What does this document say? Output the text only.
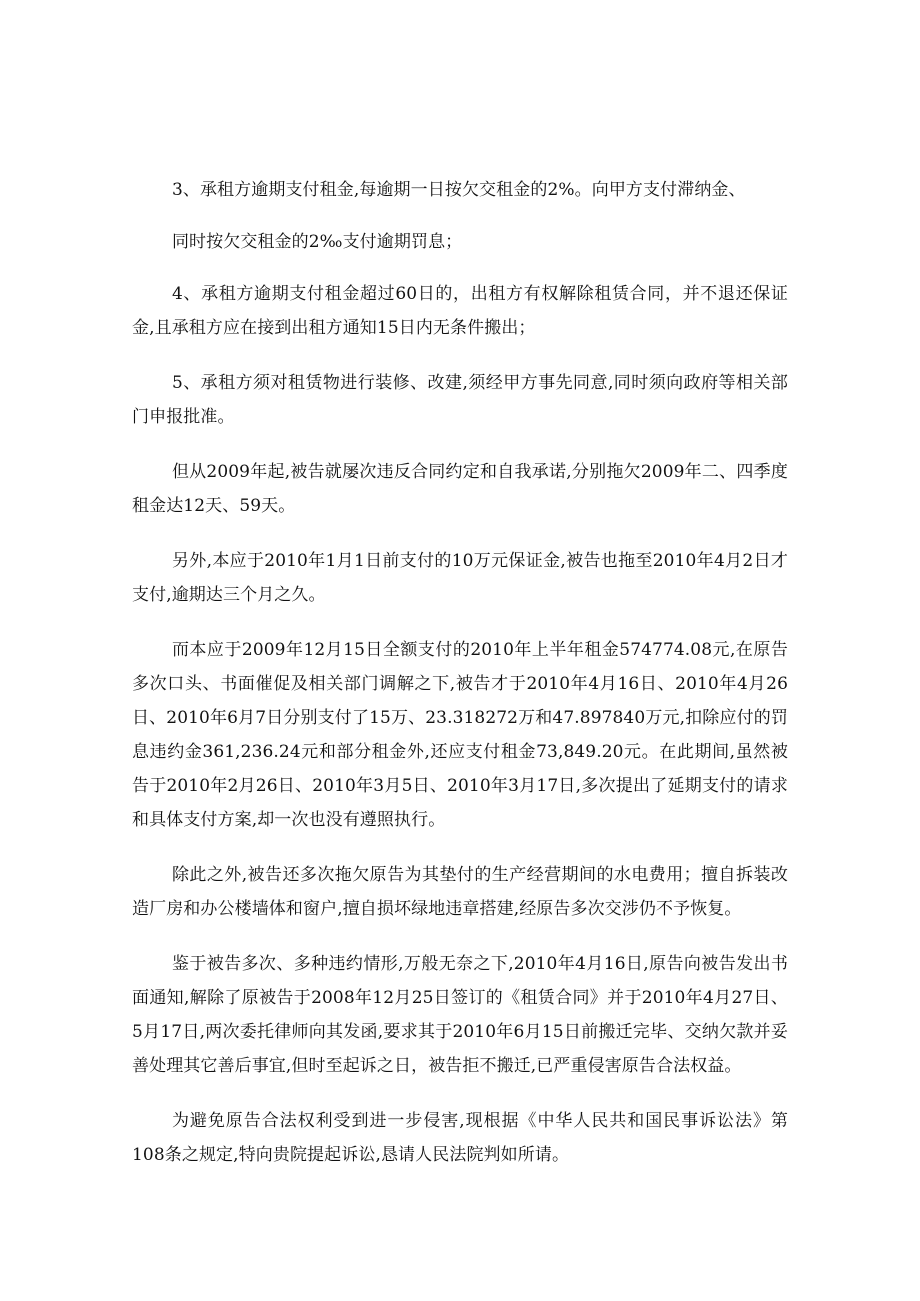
3、承租方逾期支付租金,每逾期一日按欠交租金的2%。向甲方支付滞纳金、

同时按欠交租金的2‰支付逾期罚息；

4、承租方逾期支付租金超过60日的，出租方有权解除租赁合同，并不退还保证金,且承租方应在接到出租方通知15日内无条件搬出；

5、承租方须对租赁物进行装修、改建,须经甲方事先同意,同时须向政府等相关部门申报批准。

但从2009年起,被告就屡次违反合同约定和自我承诺,分别拖欠2009年二、四季度租金达12天、59天。

另外,本应于2010年1月1日前支付的10万元保证金,被告也拖至2010年4月2日才支付,逾期达三个月之久。

而本应于2009年12月15日全额支付的2010年上半年租金574774.08元,在原告多次口头、书面催促及相关部门调解之下,被告才于2010年4月16日、2010年4月26日、2010年6月7日分别支付了15万、23.318272万和47.897840万元,扣除应付的罚息违约金361,236.24元和部分租金外,还应支付租金73,849.20元。在此期间,虽然被告于2010年2月26日、2010年3月5日、2010年3月17日,多次提出了延期支付的请求和具体支付方案,却一次也没有遵照执行。

除此之外,被告还多次拖欠原告为其垫付的生产经营期间的水电费用；擅自拆装改造厂房和办公楼墙体和窗户,擅自损坏绿地违章搭建,经原告多次交涉仍不予恢复。

鉴于被告多次、多种违约情形,万般无奈之下,2010年4月16日,原告向被告发出书面通知,解除了原被告于2008年12月25日签订的《租赁合同》并于2010年4月27日、5月17日,两次委托律师向其发函,要求其于2010年6月15日前搬迁完毕、交纳欠款并妥善处理其它善后事宜,但时至起诉之日，被告拒不搬迁,已严重侵害原告合法权益。

为避免原告合法权利受到进一步侵害,现根据《中华人民共和国民事诉讼法》第108条之规定,特向贵院提起诉讼,恳请人民法院判如所请。
